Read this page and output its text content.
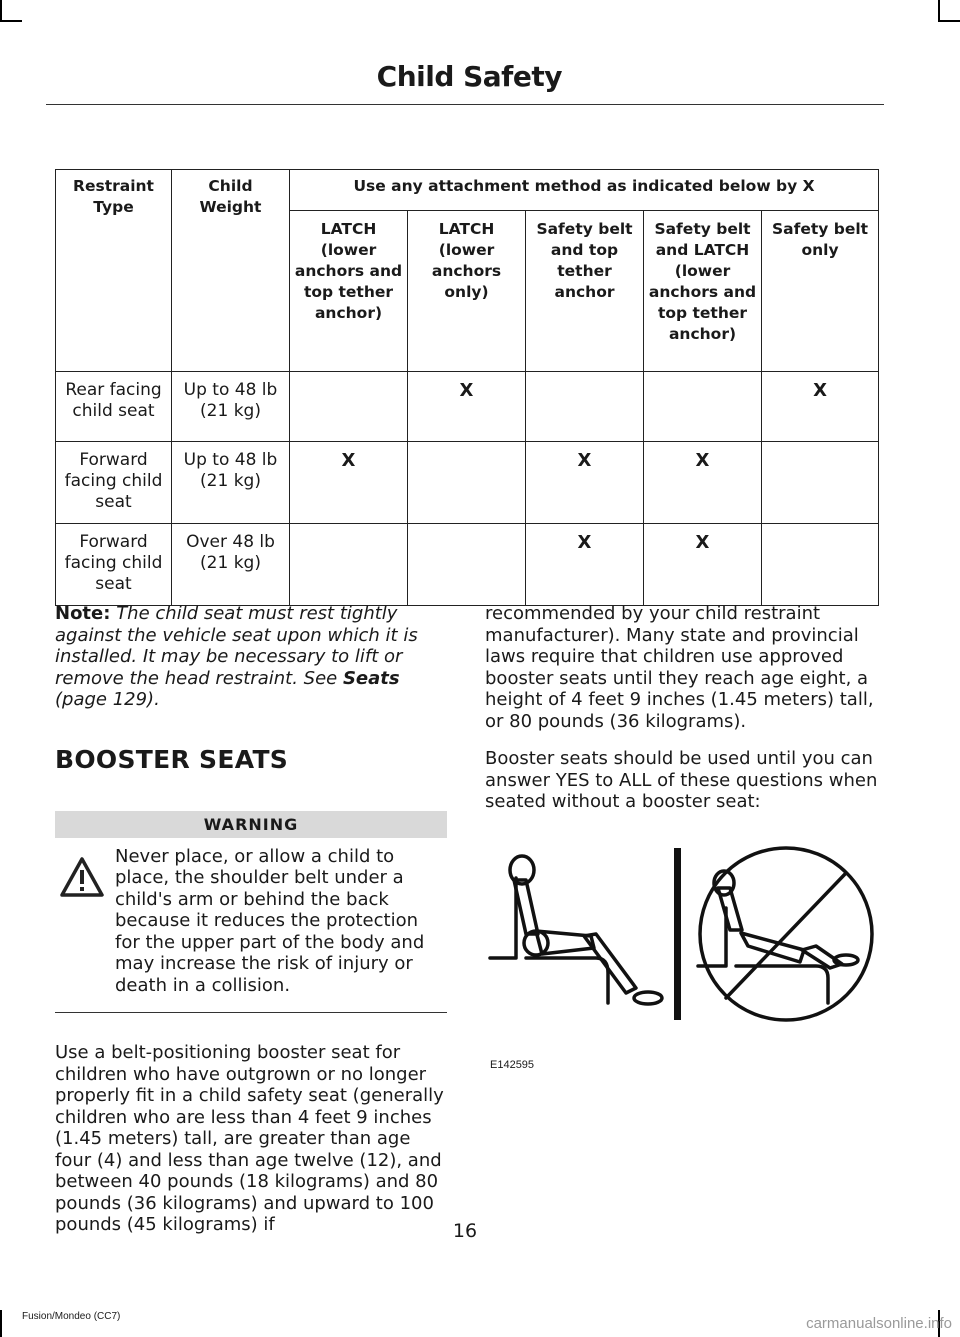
Child Safety
Restraint Type	Child Weight	Use any attachment method as indicated below by X				
		LATCH (lower anchors and top tether anchor)	LATCH (lower anchors only)	Safety belt and top tether anchor	Safety belt and LATCH (lower anchors and top tether anchor)	Safety belt only
Rear facing child seat	Up to 48 lb (21 kg)		X			X
Forward facing child seat	Up to 48 lb (21 kg)	X		X	X	
Forward facing child seat	Over 48 lb (21 kg)			X	X	

Note: The child seat must rest tightly against the vehicle seat upon which it is installed. It may be necessary to lift or remove the head restraint. See Seats (page 129).

BOOSTER SEATS
WARNING

Never place, or allow a child to place, the shoulder belt under a child's arm or behind the back because it reduces the protection for the upper part of the body and may increase the risk of injury or death in a collision.

Use a belt-positioning booster seat for children who have outgrown or no longer properly fit in a child safety seat (generally children who are less than 4 feet 9 inches (1.45 meters) tall, are greater than age four (4) and less than age twelve (12), and between 40 pounds (18 kilograms) and 80 pounds (36 kilograms) and upward to 100 pounds (45 kilograms) if

recommended by your child restraint manufacturer). Many state and provincial laws require that children use approved booster seats until they reach age eight, a height of 4 feet 9 inches (1.45 meters) tall, or 80 pounds (36 kilograms).

Booster seats should be used until you can answer YES to ALL of these questions when seated without a booster seat:

E142595
16
Fusion/Mondeo (CC7)	carmanualsonline.info
